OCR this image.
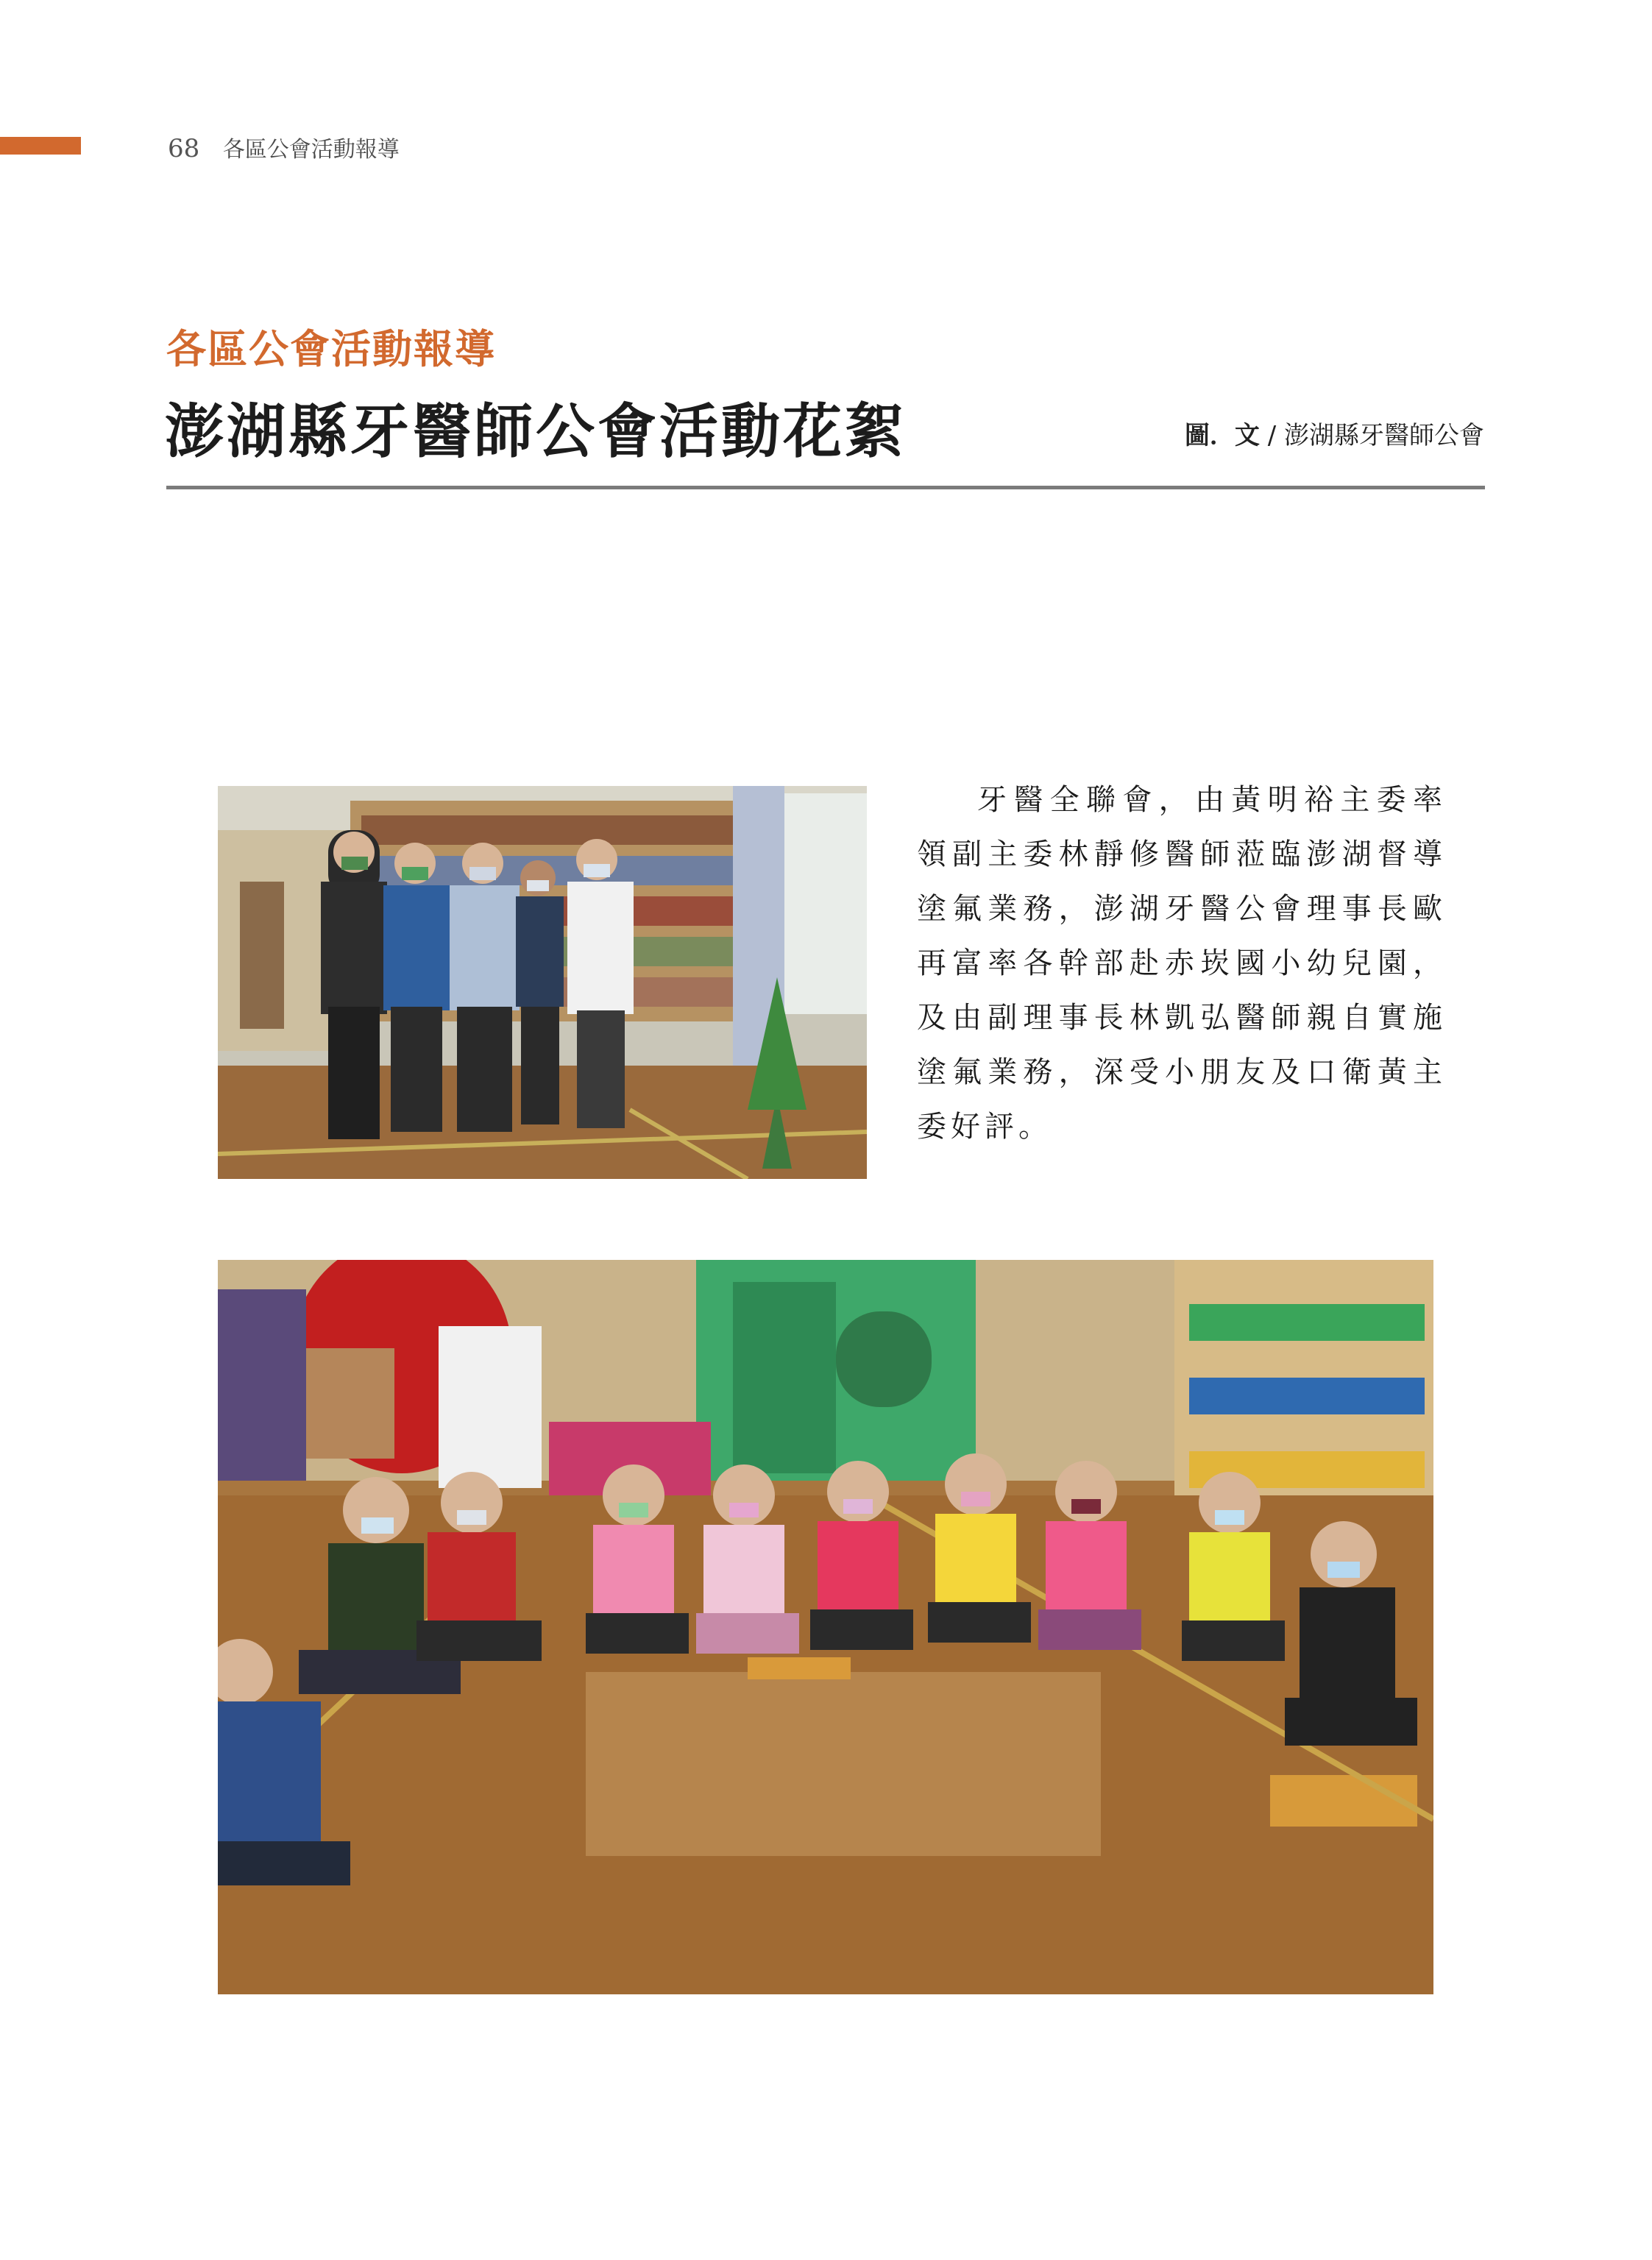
68 各區公會活動報導
各區公會活動報導
澎湖縣牙醫師公會活動花絮	圖．文 / 澎湖縣牙醫師公會
牙醫全聯會，由黃明裕主委率領副主委林靜修醫師蒞臨澎湖督導塗氟業務，澎湖牙醫公會理事長歐再富率各幹部赴赤崁國小幼兒園，及由副理事長林凱弘醫師親自實施塗氟業務，深受小朋友及口衛黃主委好評。
